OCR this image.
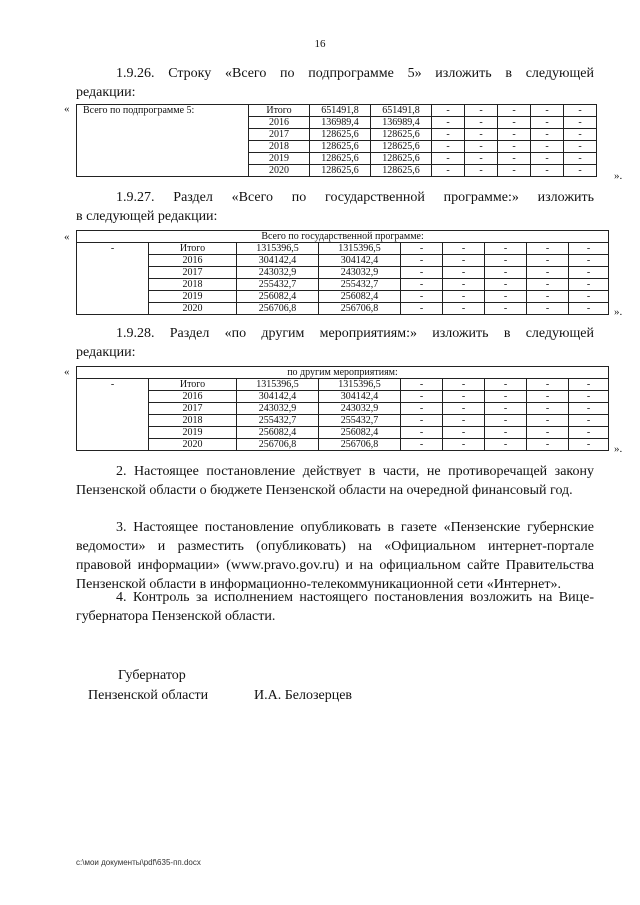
16
1.9.26. Строку «Всего по подпрограмме 5» изложить в следующей
редакции:
« Всего по подпрограмме 5:	Итого	651491,8	651491,8	-	-	-	-	-
	2016	136989,4	136989,4	-	-	-	-	-
	2017	128625,6	128625,6	-	-	-	-	-
	2018	128625,6	128625,6	-	-	-	-	-
	2019	128625,6	128625,6	-	-	-	-	-
	2020	128625,6	128625,6	-	-	-	-	-	».
1.9.27. Раздел «Всего по государственной программе:» изложить
в следующей редакции:
«	Всего по государственной программе:								
-	Итого	1315396,5	1315396,5	-	-	-	-	-
	2016	304142,4	304142,4	-	-	-	-	-
	2017	243032,9	243032,9	-	-	-	-	-
	2018	255432,7	255432,7	-	-	-	-	-
	2019	256082,4	256082,4	-	-	-	-	-
	2020	256706,8	256706,8	-	-	-	-	- ».
1.9.28. Раздел «по другим мероприятиям:» изложить в следующей
редакции:
«	по другим мероприятиям:								
-	Итого	1315396,5	1315396,5	-	-	-	-	-
	2016	304142,4	304142,4	-	-	-	-	-
	2017	243032,9	243032,9	-	-	-	-	-
	2018	255432,7	255432,7	-	-	-	-	-
	2019	256082,4	256082,4	-	-	-	-	-
	2020	256706,8	256706,8	-	-	-	-	- ».
2. Настоящее постановление действует в части, не противоречащей закону Пензенской области о бюджете Пензенской области на очередной финансовый год.
3. Настоящее постановление опубликовать в газете «Пензенские губернские ведомости» и разместить (опубликовать) на «Официальном интернет-портале правовой информации» (www.pravo.gov.ru) и на официальном сайте Правительства Пензенской области в информационно-телекоммуникационной сети «Интернет».
4. Контроль за исполнением настоящего постановления возложить на Вице-губернатора Пензенской области.
Губернатор
Пензенской области	И.А. Белозерцев
c:\мои документы\pdf\635-пп.docx
